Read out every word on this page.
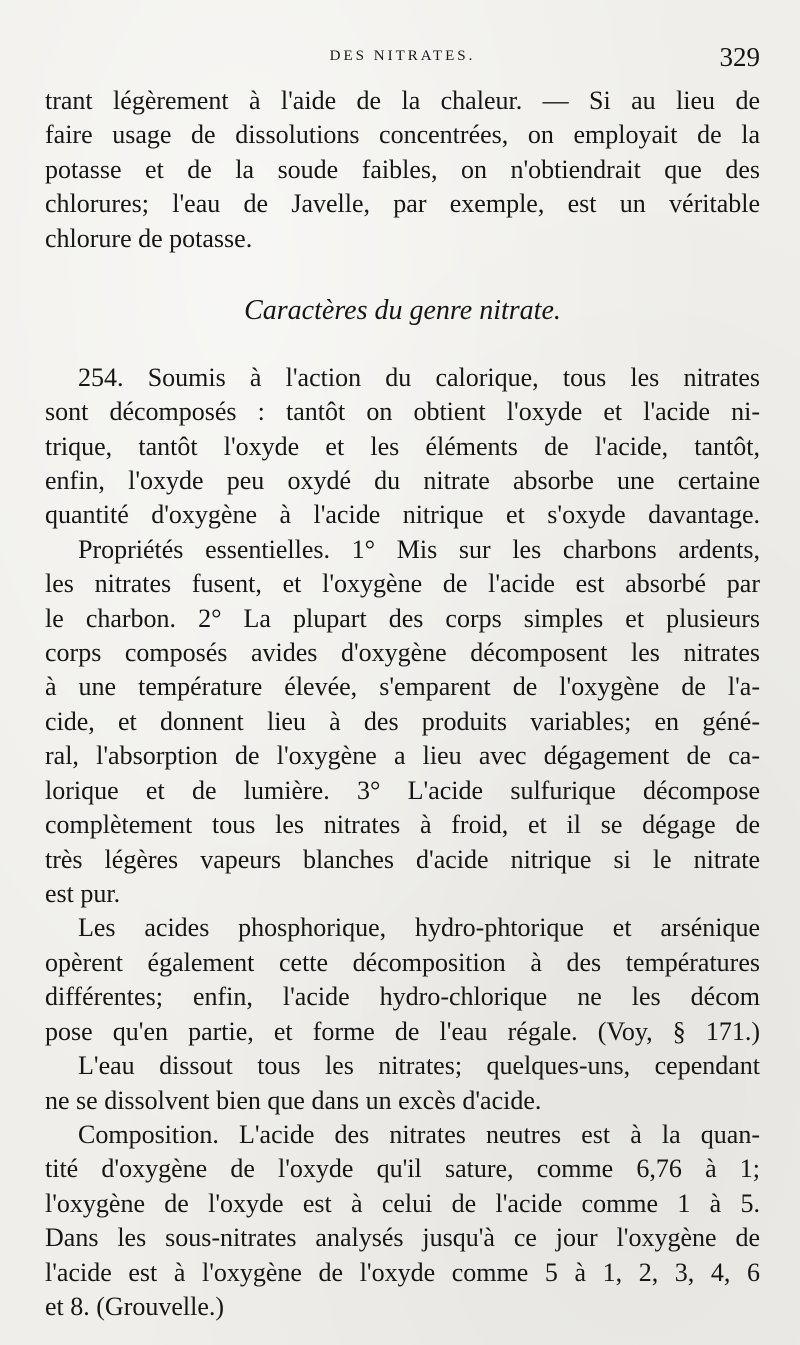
DES NITRATES.	329
trant légèrement à l'aide de la chaleur. — Si au lieu de
faire usage de dissolutions concentrées, on employait de la
potasse et de la soude faibles, on n'obtiendrait que des
chlorures; l'eau de Javelle, par exemple, est un véritable
chlorure de potasse.
Caractères du genre nitrate.
254. Soumis à l'action du calorique, tous les nitrates
sont décomposés : tantôt on obtient l'oxyde et l'acide ni-
trique, tantôt l'oxyde et les éléments de l'acide, tantôt,
enfin, l'oxyde peu oxydé du nitrate absorbe une certaine
quantité d'oxygène à l'acide nitrique et s'oxyde davantage.
Propriétés essentielles. 1° Mis sur les charbons ardents,
les nitrates fusent, et l'oxygène de l'acide est absorbé par
le charbon. 2° La plupart des corps simples et plusieurs
corps composés avides d'oxygène décomposent les nitrates
à une température élevée, s'emparent de l'oxygène de l'a-
cide, et donnent lieu à des produits variables; en géné-
ral, l'absorption de l'oxygène a lieu avec dégagement de ca-
lorique et de lumière. 3° L'acide sulfurique décompose
complètement tous les nitrates à froid, et il se dégage de
très légères vapeurs blanches d'acide nitrique si le nitrate
est pur.
Les acides phosphorique, hydro-phtorique et arsénique
opèrent également cette décomposition à des températures
différentes; enfin, l'acide hydro-chlorique ne les décom
pose qu'en partie, et forme de l'eau régale. (Voy, § 171.)
L'eau dissout tous les nitrates; quelques-uns, cependant
ne se dissolvent bien que dans un excès d'acide.
Composition. L'acide des nitrates neutres est à la quan-
tité d'oxygène de l'oxyde qu'il sature, comme 6,76 à 1;
l'oxygène de l'oxyde est à celui de l'acide comme 1 à 5.
Dans les sous-nitrates analysés jusqu'à ce jour l'oxygène de
l'acide est à l'oxygène de l'oxyde comme 5 à 1, 2, 3, 4, 6
et 8. (Grouvelle.)
